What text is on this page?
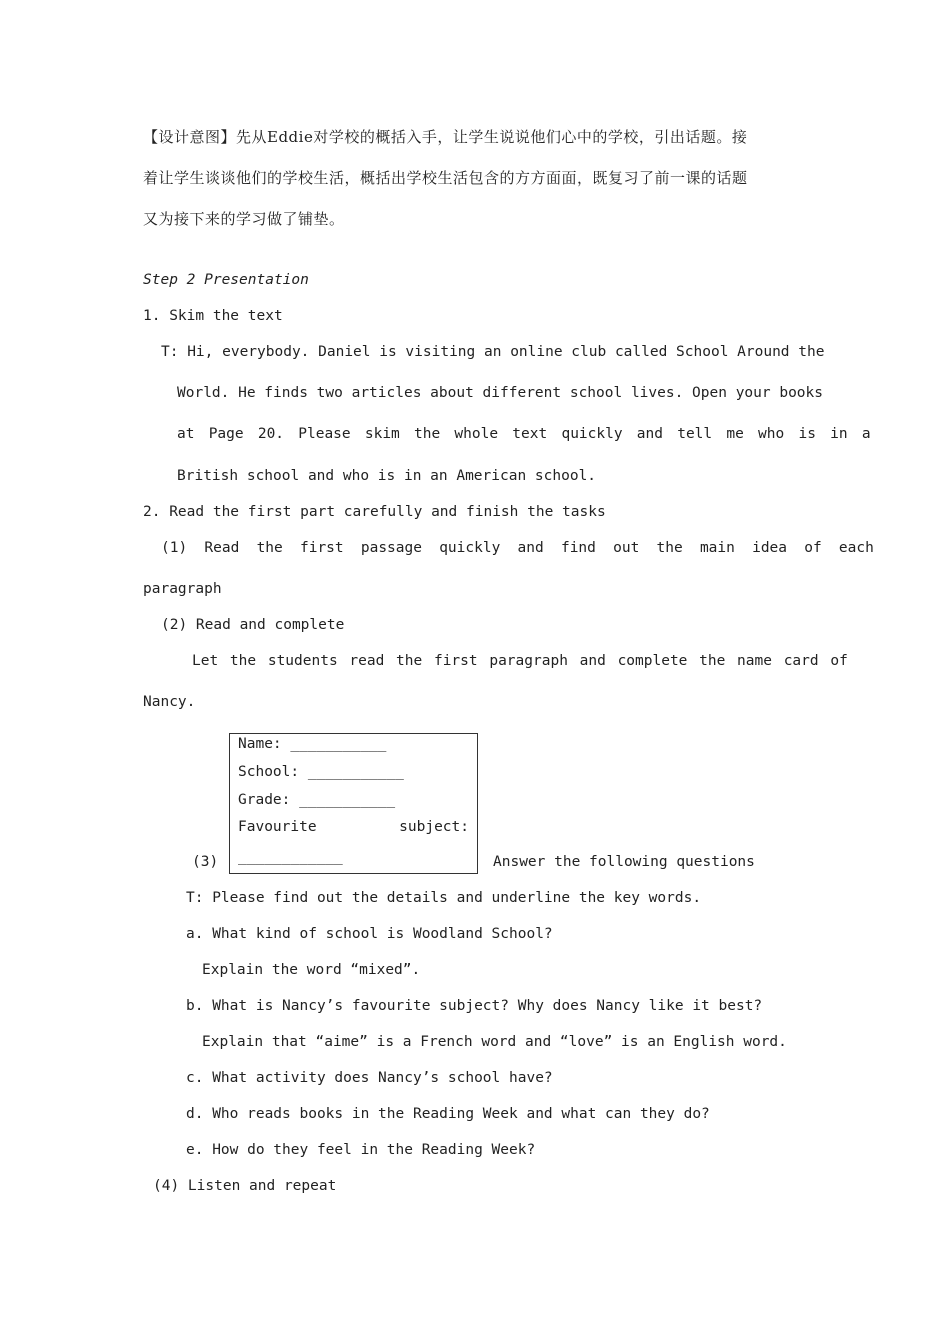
【设计意图】先从Eddie对学校的概括入手，让学生说说他们心中的学校，引出话题。接
着让学生谈谈他们的学校生活，概括出学校生活包含的方方面面，既复习了前一课的话题
又为接下来的学习做了铺垫。
Step 2 Presentation
1. Skim the text
T: Hi, everybody. Daniel is visiting an online club called School Around the
World. He finds two articles about different school lives. Open your books
at Page 20. Please skim the whole text quickly and tell me who is in a
British school and who is in an American school.
2. Read the first part carefully and finish the tasks
(1) Read the first passage quickly and find out the main idea of each
paragraph
(2) Read and complete
Let the students read the first paragraph and complete the name card of
Nancy.
Name: ___________
School: ___________
Grade: ___________
Favourite	subject:
____________
(3)	Answer the following questions
T: Please find out the details and underline the key words.
a. What kind of school is Woodland School?
Explain the word “mixed”.
b. What is Nancy’s favourite subject? Why does Nancy like it best?
Explain that “aime” is a French word and “love” is an English word.
c. What activity does Nancy’s school have?
d. Who reads books in the Reading Week and what can they do?
e. How do they feel in the Reading Week?
(4) Listen and repeat
